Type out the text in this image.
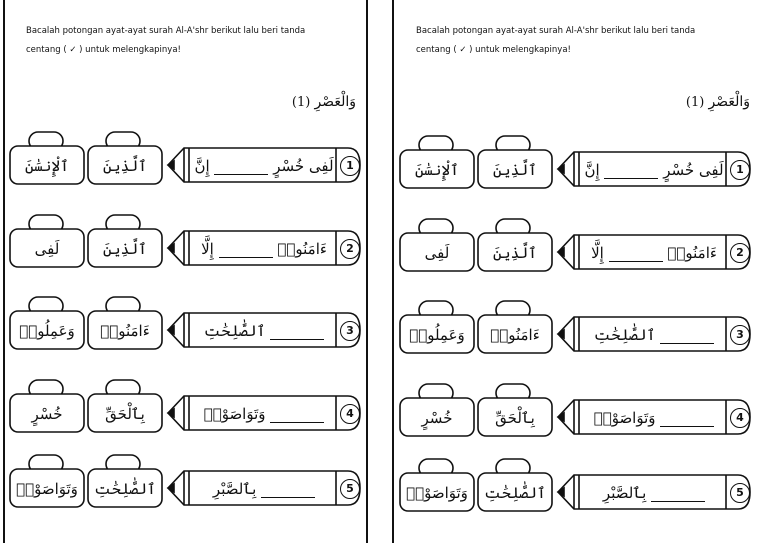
Bacalah potongan ayat-ayat surah Al-A'shr berikut lalu beri tanda
centang ( ✓ ) untuk melengkapinya!
وَالْعَصْرِ (1)
ٱلْإِنسَٰنَ	ٱلَّذِينَ	لَفِى خُسْرٍ  إِنَّ	1
لَفِى	ٱلَّذِينَ	ءَامَنُوا۟  إِلَّا	2
وَعَمِلُوا۟	ءَامَنُوا۟	ٱلصَّٰلِحَٰتِ	3
خُسْرٍ	بِٱلْحَقِّ	وَتَوَاصَوْا۟	4
وَتَوَاصَوْا۟	ٱلصَّٰلِحَٰتِ	بِٱلصَّبْرِ	5
Bacalah potongan ayat-ayat surah Al-A'shr berikut lalu beri tanda
centang ( ✓ ) untuk melengkapinya!
وَالْعَصْرِ (1)
ٱلْإِنسَٰنَ	ٱلَّذِينَ	لَفِى خُسْرٍ  إِنَّ	1
لَفِى	ٱلَّذِينَ	ءَامَنُوا۟  إِلَّا	2
وَعَمِلُوا۟	ءَامَنُوا۟	ٱلصَّٰلِحَٰتِ	3
خُسْرٍ	بِٱلْحَقِّ	وَتَوَاصَوْا۟	4
وَتَوَاصَوْا۟	ٱلصَّٰلِحَٰتِ	بِٱلصَّبْرِ	5
